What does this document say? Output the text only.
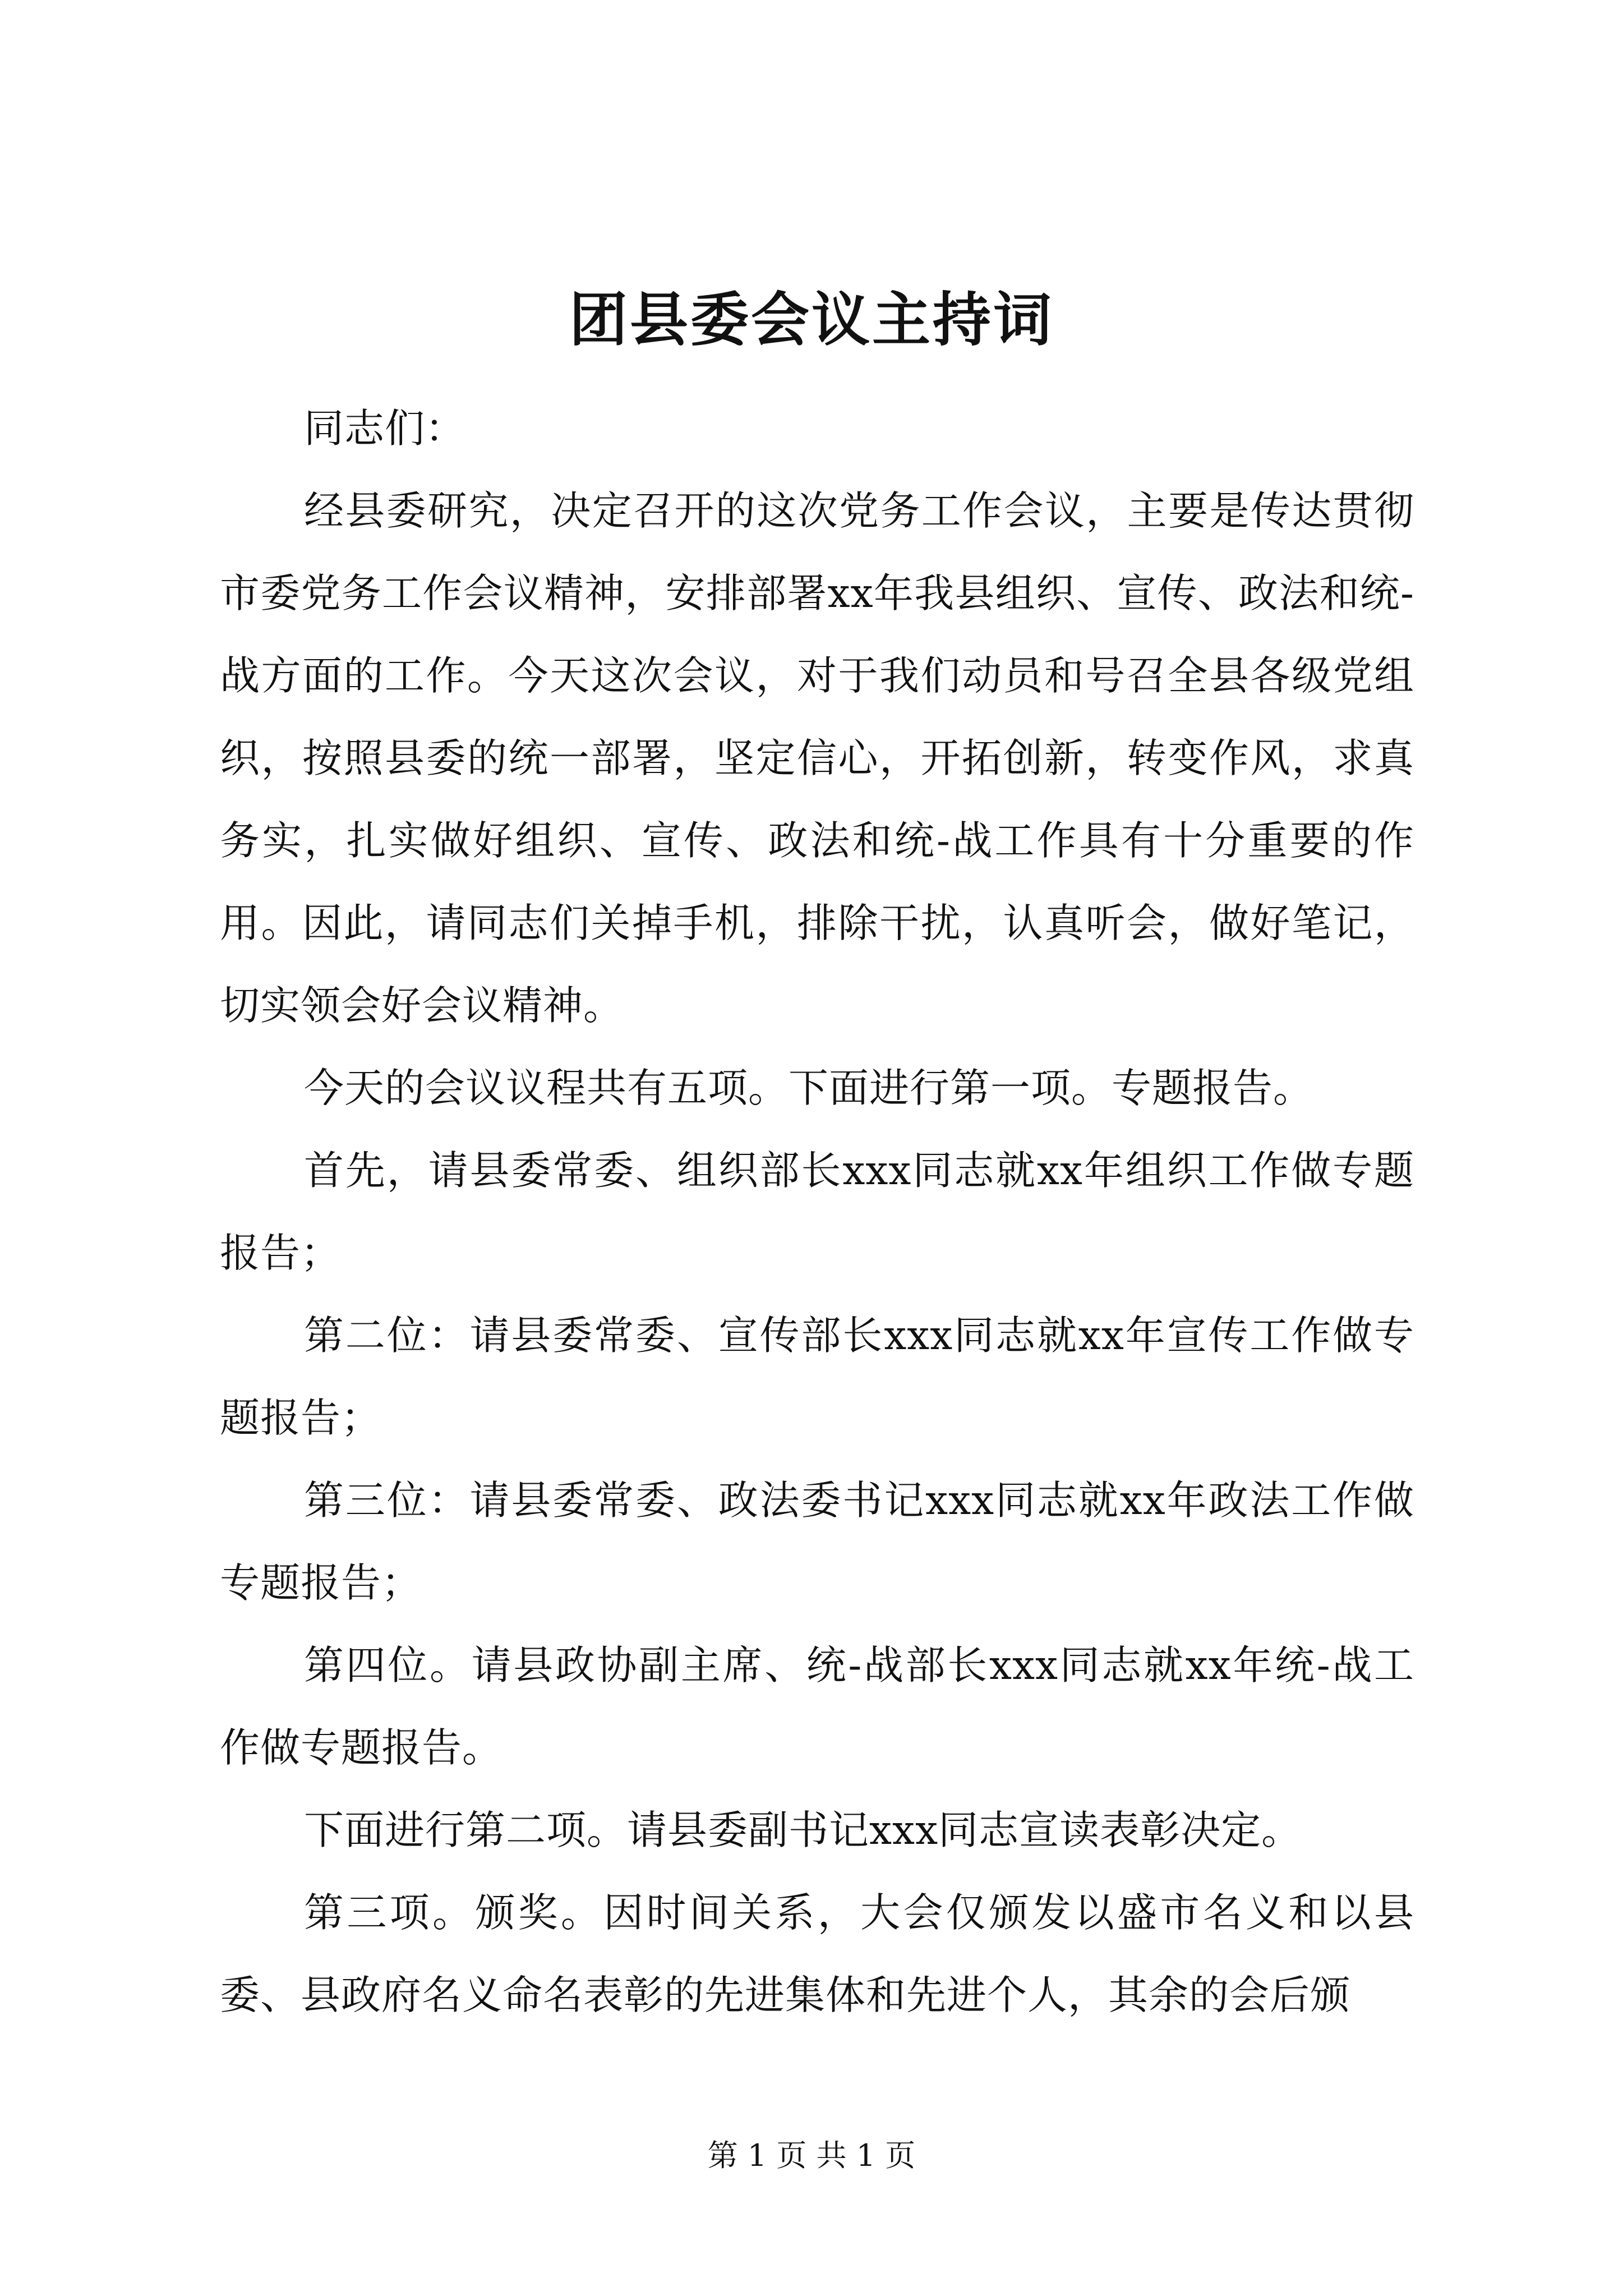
团县委会议主持词

同志们：

经县委研究，决定召开的这次党务工作会议，主要是传达贯彻市委党务工作会议精神，安排部署xx年我县组织、宣传、政法和统-战方面的工作。今天这次会议，对于我们动员和号召全县各级党组织，按照县委的统一部署，坚定信心，开拓创新，转变作风，求真务实，扎实做好组织、宣传、政法和统-战工作具有十分重要的作用。因此，请同志们关掉手机，排除干扰，认真听会，做好笔记，切实领会好会议精神。

今天的会议议程共有五项。下面进行第一项。专题报告。

首先，请县委常委、组织部长xxx同志就xx年组织工作做专题报告；

第二位：请县委常委、宣传部长xxx同志就xx年宣传工作做专题报告；

第三位：请县委常委、政法委书记xxx同志就xx年政法工作做专题报告；

第四位。请县政协副主席、统-战部长xxx同志就xx年统-战工作做专题报告。

下面进行第二项。请县委副书记xxx同志宣读表彰决定。

第三项。颁奖。因时间关系，大会仅颁发以盛市名义和以县委、县政府名义命名表彰的先进集体和先进个人，其余的会后颁

第 1 页 共 1 页
